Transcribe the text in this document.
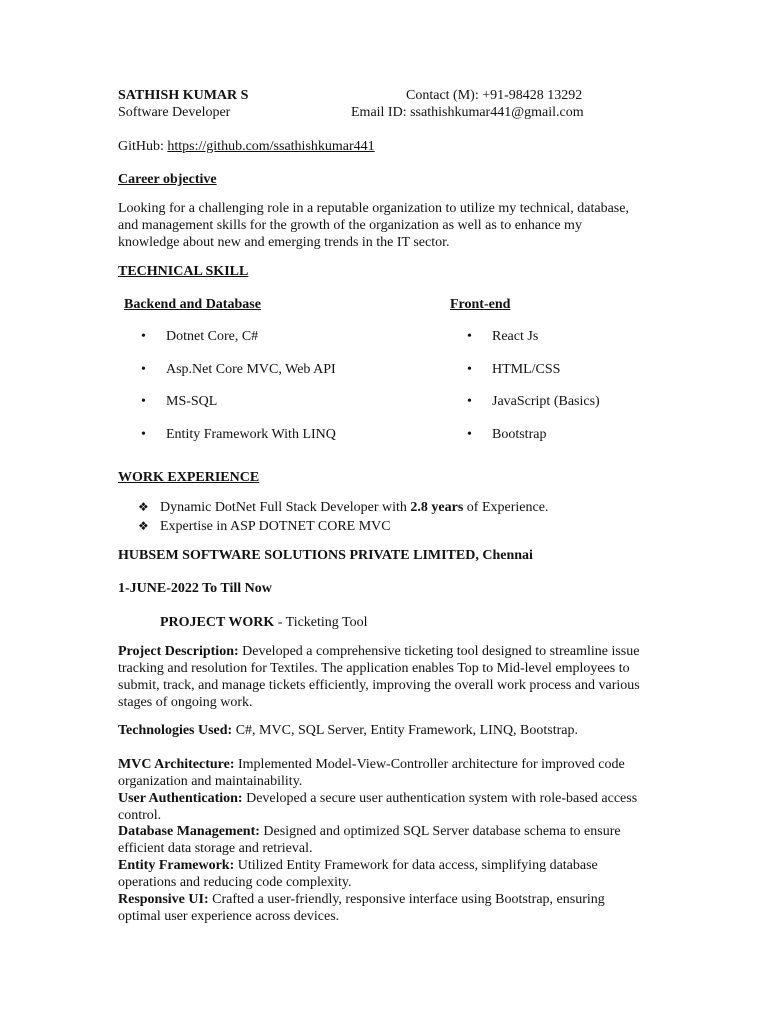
SATHISH KUMAR S
Software Developer
Contact (M): +91-98428 13292
Email ID: ssathishkumar441@gmail.com
GitHub: https://github.com/ssathishkumar441
Career objective
Looking for a challenging role in a reputable organization to utilize my technical, database, and management skills for the growth of the organization as well as to enhance my knowledge about new and emerging trends in the IT sector.
TECHNICAL SKILL
Backend and Database	Front-end
• Dotnet Core, C#
• Asp.Net Core MVC, Web API
• MS-SQL
• Entity Framework With LINQ
• React Js
• HTML/CSS
• JavaScript (Basics)
• Bootstrap
WORK EXPERIENCE
❖ Dynamic DotNet Full Stack Developer with 2.8 years of Experience.
❖ Expertise in ASP DOTNET CORE MVC
HUBSEM SOFTWARE SOLUTIONS PRIVATE LIMITED, Chennai
1-JUNE-2022 To Till Now
PROJECT WORK - Ticketing Tool

Project Description: Developed a comprehensive ticketing tool designed to streamline issue tracking and resolution for Textiles. The application enables Top to Mid-level employees to submit, track, and manage tickets efficiently, improving the overall work process and various stages of ongoing work.

Technologies Used: C#, MVC, SQL Server, Entity Framework, LINQ, Bootstrap.

MVC Architecture: Implemented Model-View-Controller architecture for improved code organization and maintainability.

User Authentication: Developed a secure user authentication system with role-based access control.

Database Management: Designed and optimized SQL Server database schema to ensure efficient data storage and retrieval.

Entity Framework: Utilized Entity Framework for data access, simplifying database operations and reducing code complexity.

Responsive UI: Crafted a user-friendly, responsive interface using Bootstrap, ensuring optimal user experience across devices.
